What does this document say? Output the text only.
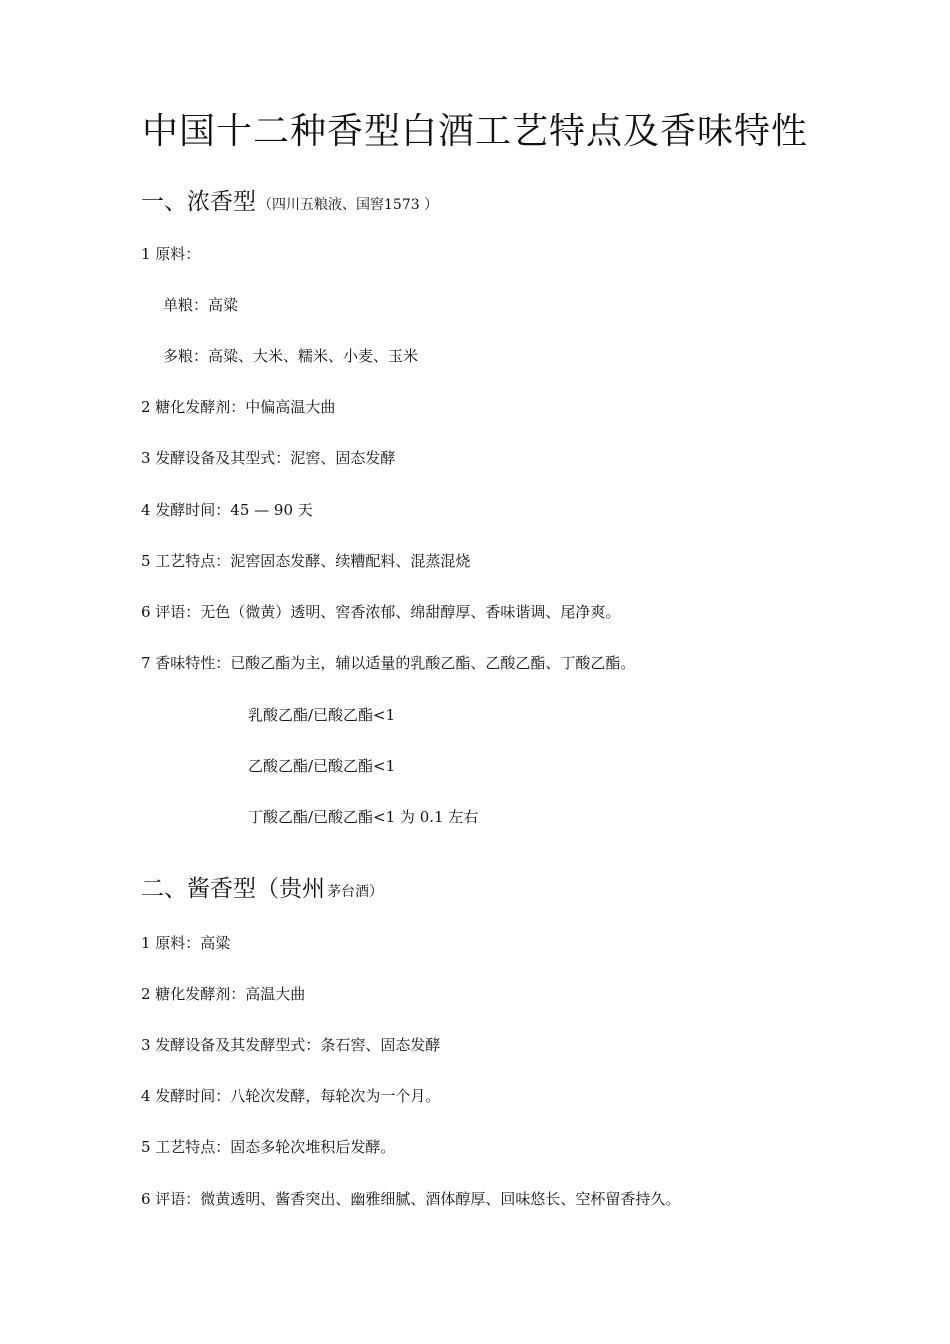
中国十二种香型白酒工艺特点及香味特性
一、浓香型 （四川五粮液、国窖1573 ）
1 原料：
单粮：高粱
多粮：高粱、大米、糯米、小麦、玉米
2 糖化发酵剂：中偏高温大曲
3 发酵设备及其型式：泥窖、固态发酵
4 发酵时间：45 — 90 天
5 工艺特点：泥窖固态发酵、续糟配料、混蒸混烧
6 评语：无色（微黄）透明、窖香浓郁、绵甜醇厚、香味谐调、尾净爽。
7 香味特性：已酸乙酯为主，辅以适量的乳酸乙酯、乙酸乙酯、丁酸乙酯。
乳酸乙酯/已酸乙酯<1
乙酸乙酯/已酸乙酯<1
丁酸乙酯/已酸乙酯<1 为 0.1 左右
二、酱香型（贵州 茅台酒）
1 原料：高粱
2 糖化发酵剂：高温大曲
3 发酵设备及其发酵型式：条石窖、固态发酵
4 发酵时间：八轮次发酵，每轮次为一个月。
5 工艺特点：固态多轮次堆积后发酵。
6 评语：微黄透明、酱香突出、幽雅细腻、酒体醇厚、回味悠长、空杯留香持久。
